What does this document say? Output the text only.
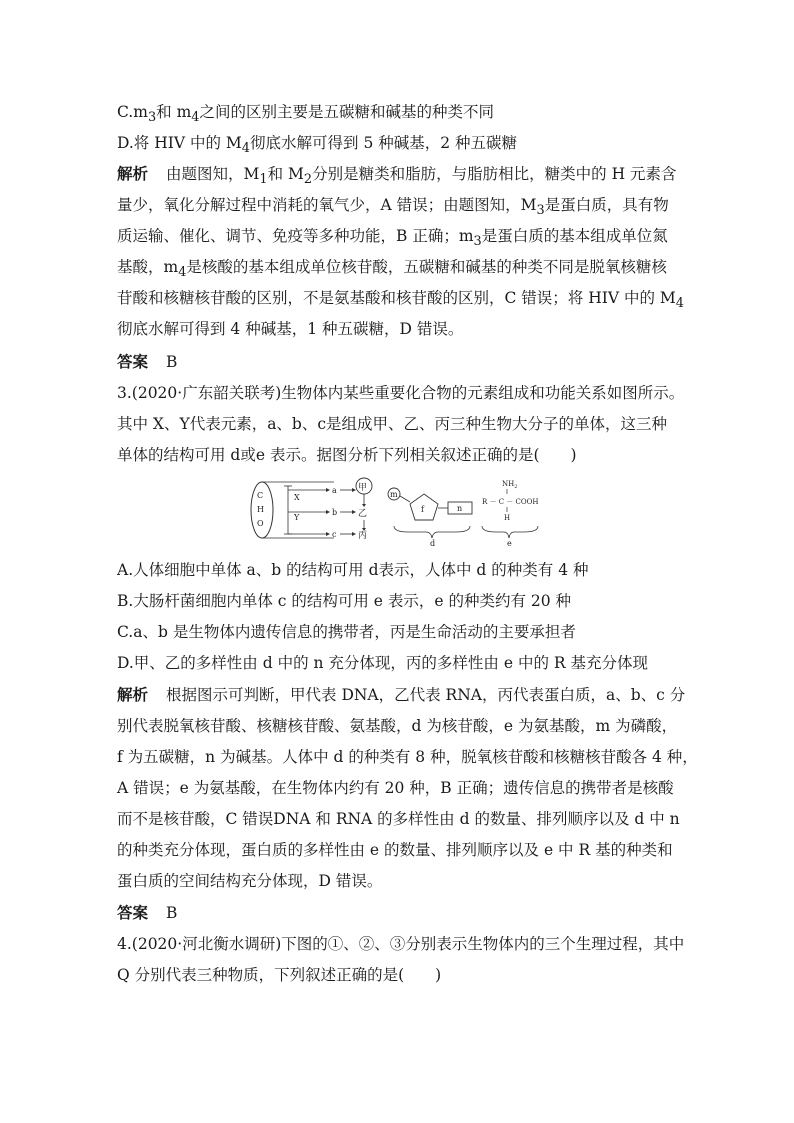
$C.m_3$和 $m_4$之间的区别主要是五碳糖和碱基的种类不同
D.将 HIV 中的 $M_4$彻底水解可得到 5 种碱基，2 种五碳糖
解析 由题图知，$M_1$和 $M_2$分别是糖类和脂肪，与脂肪相比，糖类中的 H 元素含
量少，氧化分解过程中消耗的氧气少，A 错误；由题图知，$M_3$是蛋白质，具有物
质运输、催化、调节、免疫等多种功能，B 正确；$m_3$是蛋白质的基本组成单位氮
基酸，$m_4$是核酸的基本组成单位核苷酸，五碳糖和碱基的种类不同是脱氧核糖核
苷酸和核糖核苷酸的区别，不是氨基酸和核苷酸的区别，C 错误；将 HIV 中的 $M_4$
彻底水解可得到 4 种碱基，1 种五碳糖，D 错误。
答案 B
3.(2020·广东韶关联考)生物体内某些重要化合物的元素组成和功能关系如图所示。
其中 X、Y代表元素，a、b、c是组成甲、乙、丙三种生物大分子的单体，这三种
单体的结构可用 d或e 表示。据图分析下列相关叙述正确的是(　　)
C
H
O
X
Y
a
b
c
甲
乙
丙
m
f	n
d
$NH_2$
R － C － COOH
H
e
A.人体细胞中单体 a、b 的结构可用 d表示，人体中 d 的种类有 4 种
B.大肠杆菌细胞内单体 c 的结构可用 e 表示，e 的种类约有 20 种
C.a、b 是生物体内遗传信息的携带者，丙是生命活动的主要承担者
D.甲、乙的多样性由 d 中的 n 充分体现，丙的多样性由 e 中的 R 基充分体现
解析 根据图示可判断，甲代表 DNA，乙代表 RNA，丙代表蛋白质，a、b、c 分
别代表脱氧核苷酸、核糖核苷酸、氨基酸，d 为核苷酸，e 为氨基酸，m 为磷酸，
f 为五碳糖，n 为碱基。人体中 d 的种类有 8 种，脱氧核苷酸和核糖核苷酸各 4 种，
A 错误；e 为氨基酸，在生物体内约有 20 种，B 正确；遗传信息的携带者是核酸
而不是核苷酸，C 错误DNA 和 RNA 的多样性由 d 的数量、排列顺序以及 d 中 n
的种类充分体现，蛋白质的多样性由 e 的数量、排列顺序以及 e 中 R 基的种类和
蛋白质的空间结构充分体现，D 错误。
答案 B
4.(2020·河北衡水调研)下图的①、②、③分别表示生物体内的三个生理过程，其中
Q 分别代表三种物质，下列叙述正确的是(　　)
